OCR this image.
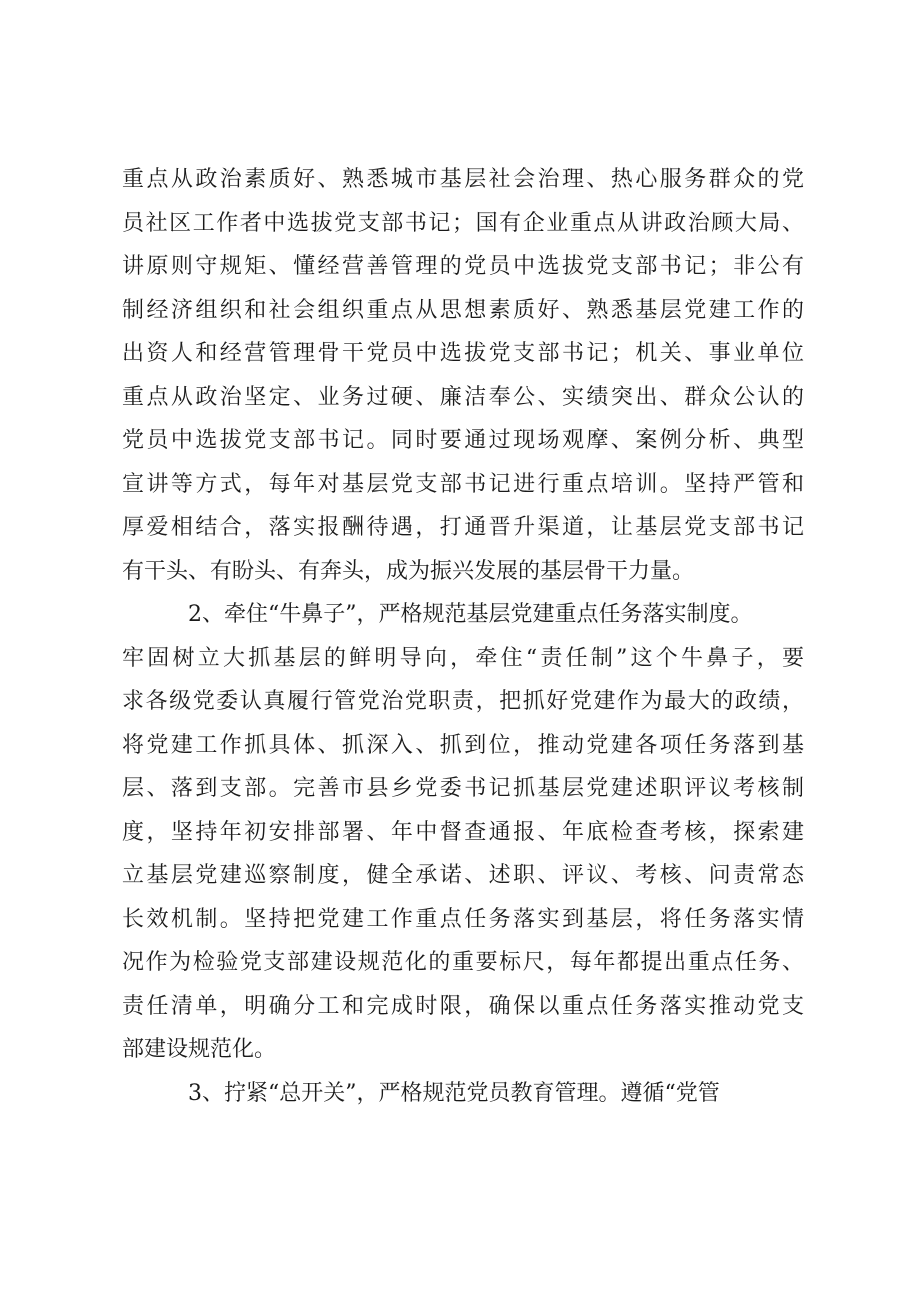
重点从政治素质好、熟悉城市基层社会治理、热心服务群众的党
员社区工作者中选拔党支部书记；国有企业重点从讲政治顾大局、
讲原则守规矩、懂经营善管理的党员中选拔党支部书记；非公有
制经济组织和社会组织重点从思想素质好、熟悉基层党建工作的
出资人和经营管理骨干党员中选拔党支部书记；机关、事业单位
重点从政治坚定、业务过硬、廉洁奉公、实绩突出、群众公认的
党员中选拔党支部书记。同时要通过现场观摩、案例分析、典型
宣讲等方式，每年对基层党支部书记进行重点培训。坚持严管和
厚爱相结合，落实报酬待遇，打通晋升渠道，让基层党支部书记
有干头、有盼头、有奔头，成为振兴发展的基层骨干力量。
2、牵住“牛鼻子”，严格规范基层党建重点任务落实制度。
牢固树立大抓基层的鲜明导向，牵住“责任制”这个牛鼻子，要
求各级党委认真履行管党治党职责，把抓好党建作为最大的政绩，
将党建工作抓具体、抓深入、抓到位，推动党建各项任务落到基
层、落到支部。完善市县乡党委书记抓基层党建述职评议考核制
度，坚持年初安排部署、年中督查通报、年底检查考核，探索建
立基层党建巡察制度，健全承诺、述职、评议、考核、问责常态
长效机制。坚持把党建工作重点任务落实到基层，将任务落实情
况作为检验党支部建设规范化的重要标尺，每年都提出重点任务、
责任清单，明确分工和完成时限，确保以重点任务落实推动党支
部建设规范化。
3、拧紧“总开关”，严格规范党员教育管理。遵循“党管
